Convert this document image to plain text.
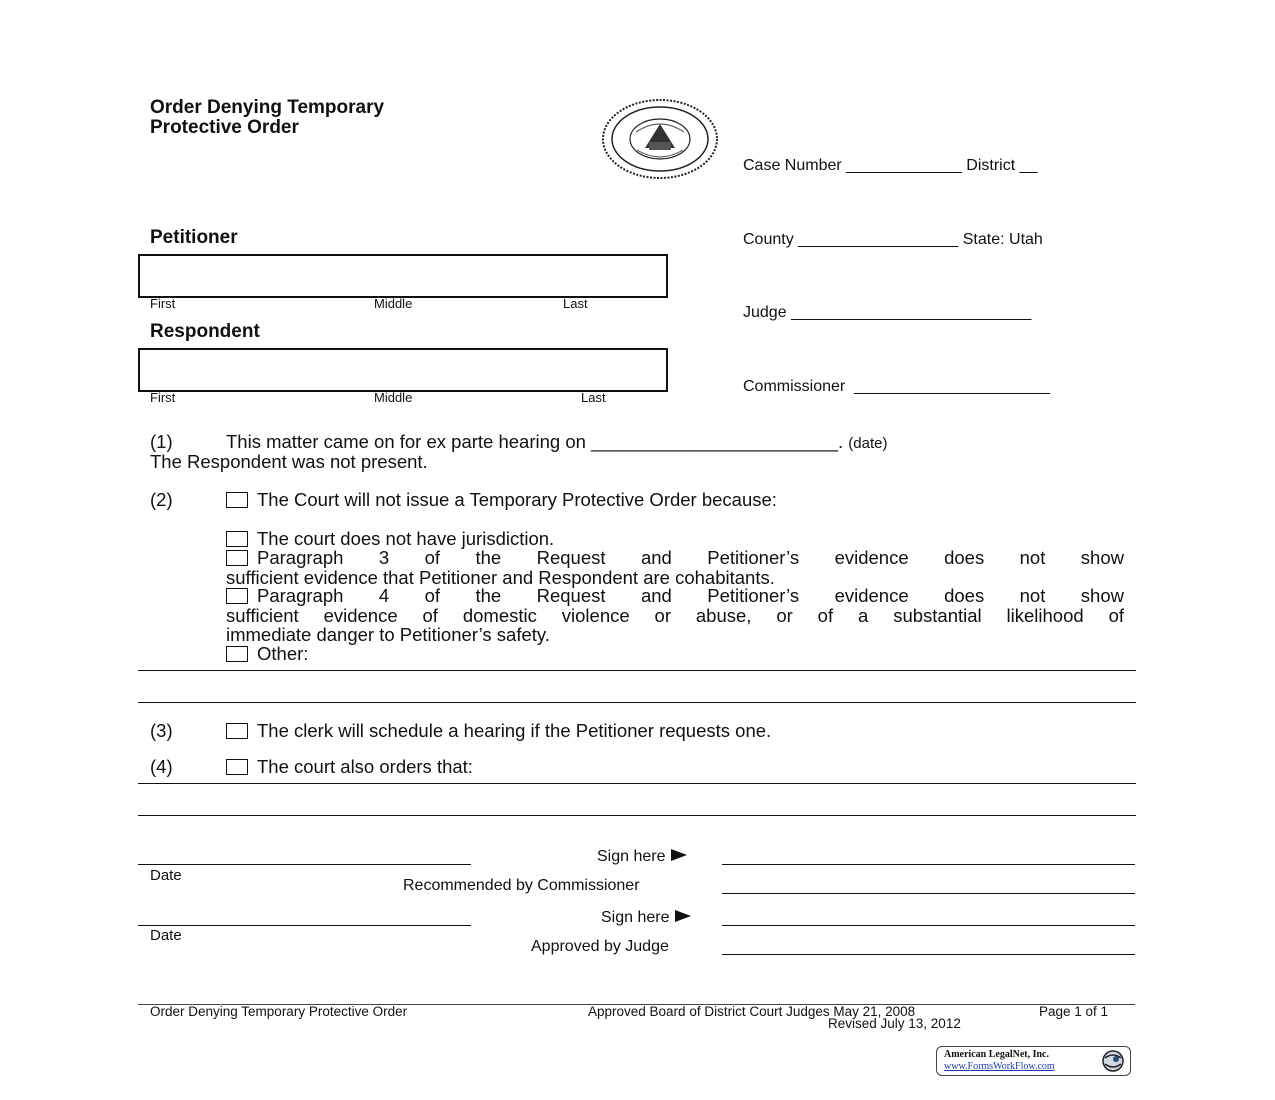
Order Denying Temporary
Protective Order

Case Number _____________ District __

County __________________ State: Utah

Judge ___________________________

Commissioner  ______________________

Petitioner
First	Middle	Last
Respondent
First	Middle	Last
(1)	This matter came on for ex parte hearing on ________________________. (date)
The Respondent was not present.
(2)	The Court will not issue a Temporary Protective Order because:
The court does not have jurisdiction.
Paragraph 3 of the Request and Petitioner’s evidence does not show
sufficient evidence that Petitioner and Respondent are cohabitants.
Paragraph 4 of the Request and Petitioner’s evidence does not show
sufficient evidence of domestic violence or abuse, or of a substantial likelihood of
immediate danger to Petitioner’s safety.
Other:
(3)	The clerk will schedule a hearing if the Petitioner requests one.
(4)	The court also orders that:
Date
Sign here
Recommended by Commissioner
Date
Sign here
Approved by Judge
Order Denying Temporary Protective Order	Approved Board of District Court Judges May 21, 2008
Revised July 13, 2012
Page 1 of 1
American LegalNet, Inc.
www.FormsWorkFlow.com
